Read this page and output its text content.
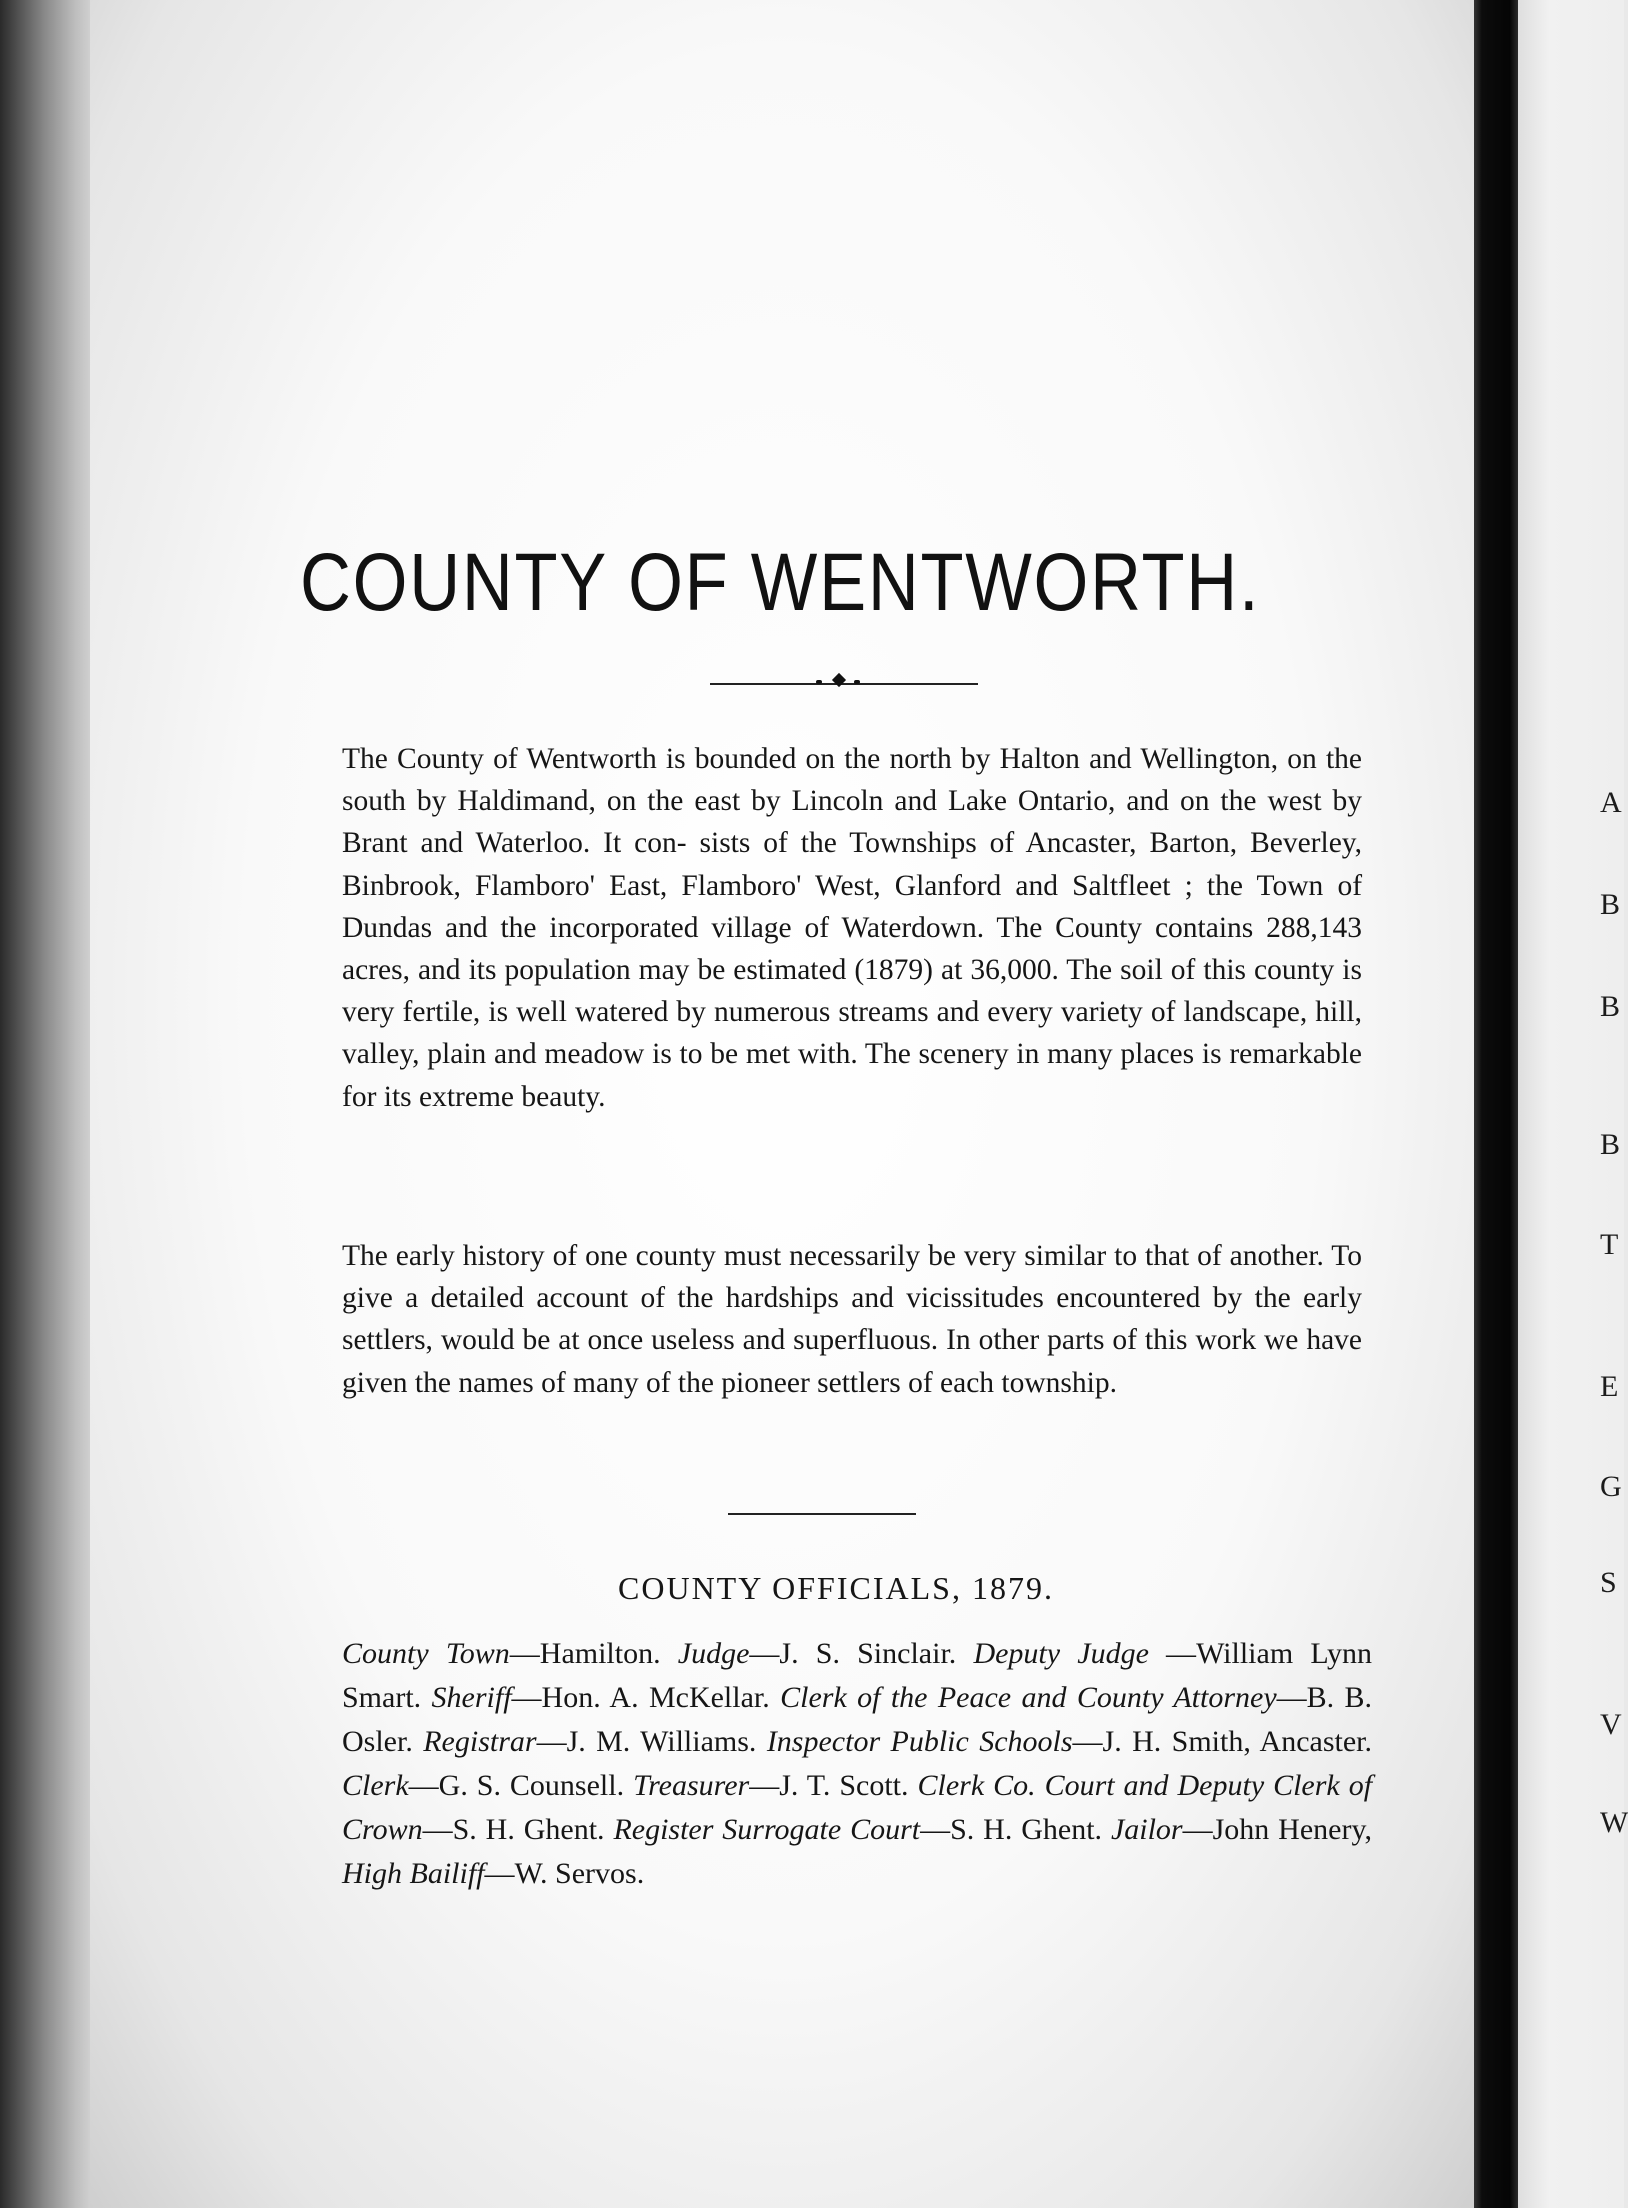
A
B
B
B
T
E
G
S
V
W
COUNTY OF WENTWORTH.

The County of Wentworth is bounded on the north by Halton and Wellington, on the south by Haldimand, on the east by Lincoln and Lake Ontario, and on the west by Brant and Waterloo. It con- sists of the Townships of Ancaster, Barton, Beverley, Binbrook, Flamboro' East, Flamboro' West, Glanford and Saltfleet ; the Town of Dundas and the incorporated village of Waterdown. The County contains 288,143 acres, and its population may be estimated (1879) at 36,000. The soil of this county is very fertile, is well watered by numerous streams and every variety of landscape, hill, valley, plain and meadow is to be met with. The scenery in many places is remarkable for its extreme beauty.

The early history of one county must necessarily be very similar to that of another. To give a detailed account of the hardships and vicissitudes encountered by the early settlers, would be at once useless and superfluous. In other parts of this work we have given the names of many of the pioneer settlers of each township.

COUNTY OFFICIALS, 1879.

County Town—Hamilton. Judge—J. S. Sinclair. Deputy Judge —William Lynn Smart. Sheriff—Hon. A. McKellar. Clerk of the Peace and County Attorney—B. B. Osler. Registrar—J. M. Williams. Inspector Public Schools—J. H. Smith, Ancaster. Clerk—G. S. Counsell. Treasurer—J. T. Scott. Clerk Co. Court and Deputy Clerk of Crown—S. H. Ghent. Register Surrogate Court—S. H. Ghent. Jailor—John Henery, High Bailiff—W. Servos.
